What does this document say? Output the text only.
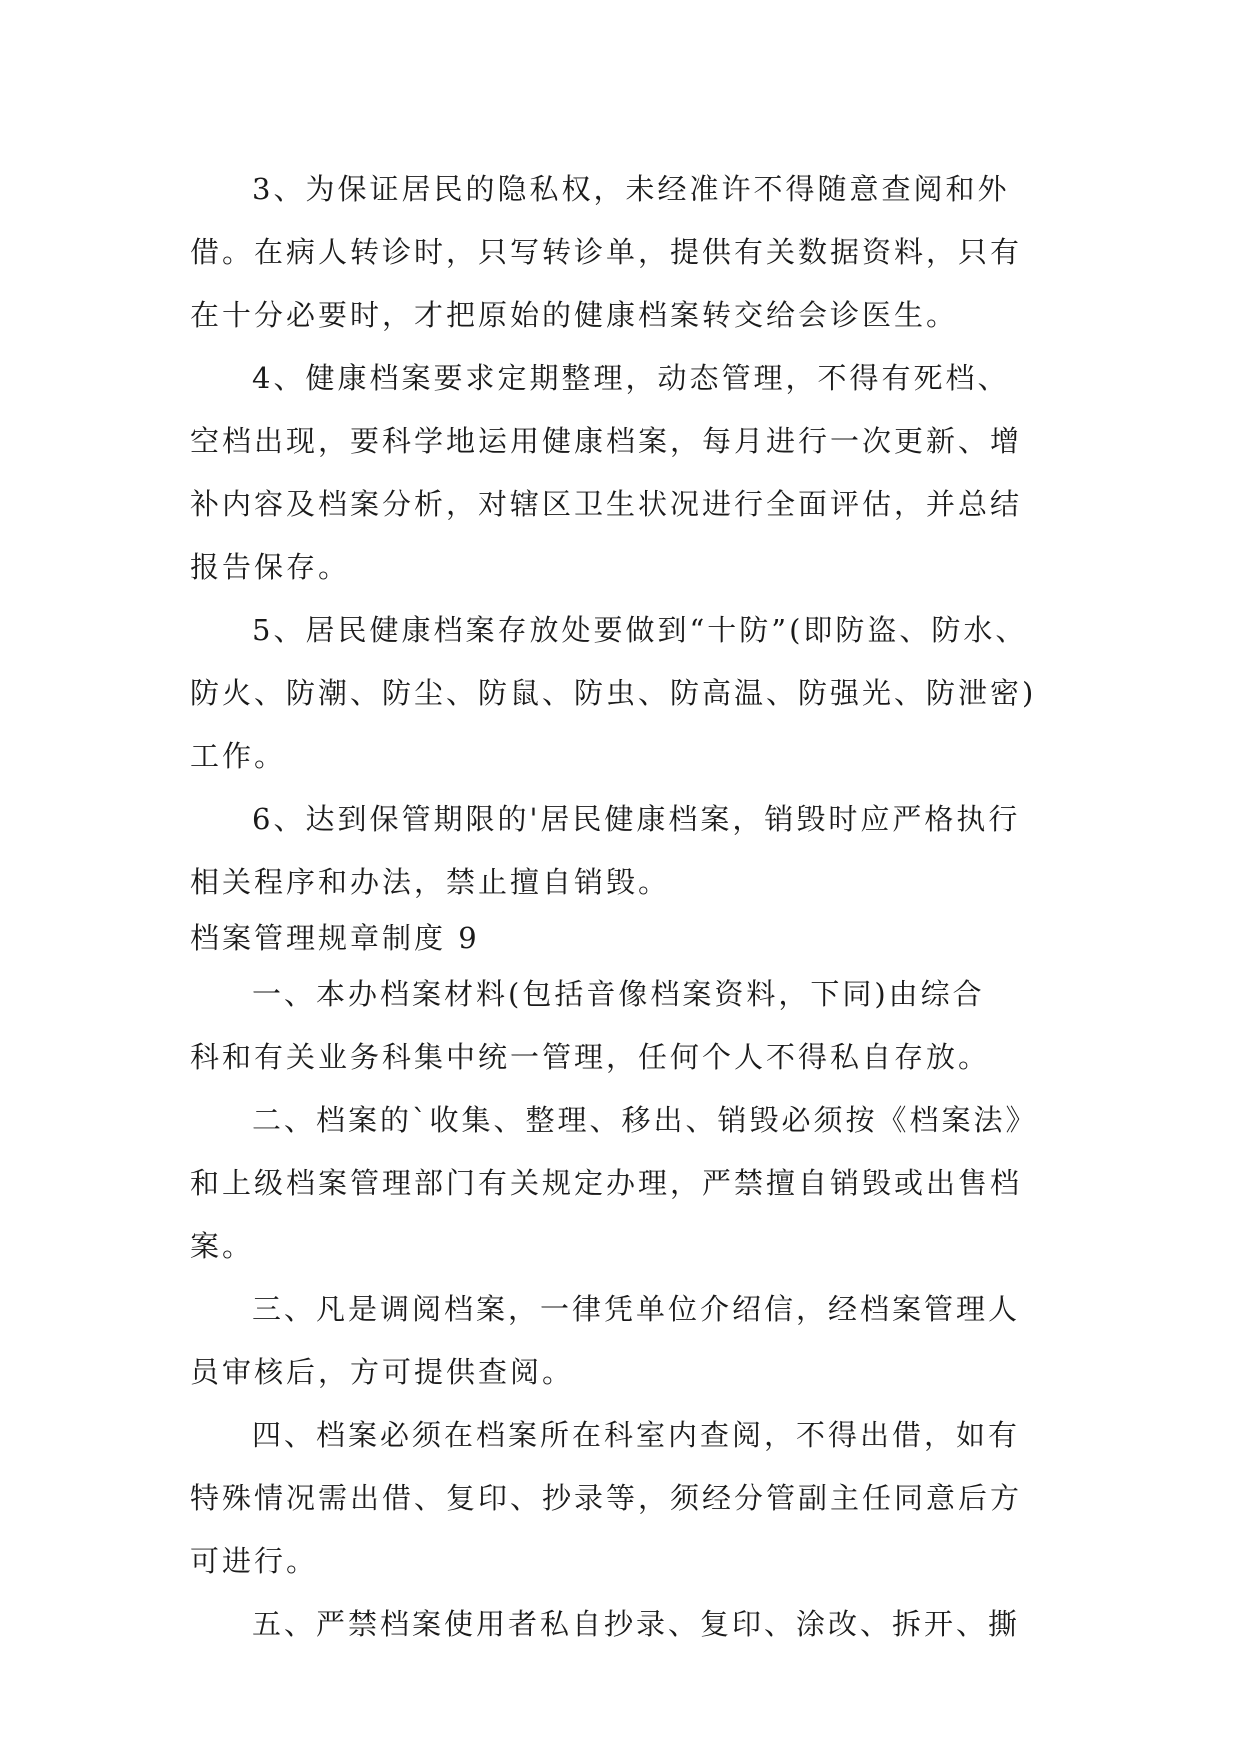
3、为保证居民的隐私权，未经准许不得随意查阅和外
借。在病人转诊时，只写转诊单，提供有关数据资料，只有
在十分必要时，才把原始的健康档案转交给会诊医生。
4、健康档案要求定期整理，动态管理，不得有死档、
空档出现，要科学地运用健康档案，每月进行一次更新、增
补内容及档案分析，对辖区卫生状况进行全面评估，并总结
报告保存。
5、居民健康档案存放处要做到“十防”(即防盗、防水、
防火、防潮、防尘、防鼠、防虫、防高温、防强光、防泄密)
工作。
6、达到保管期限的'居民健康档案，销毁时应严格执行
相关程序和办法，禁止擅自销毁。
档案管理规章制度 9
一、本办档案材料(包括音像档案资料，下同)由综合
科和有关业务科集中统一管理，任何个人不得私自存放。
二、档案的`收集、整理、移出、销毁必须按《档案法》
和上级档案管理部门有关规定办理，严禁擅自销毁或出售档
案。
三、凡是调阅档案，一律凭单位介绍信，经档案管理人
员审核后，方可提供查阅。
四、档案必须在档案所在科室内查阅，不得出借，如有
特殊情况需出借、复印、抄录等，须经分管副主任同意后方
可进行。
五、严禁档案使用者私自抄录、复印、涂改、拆开、撕
